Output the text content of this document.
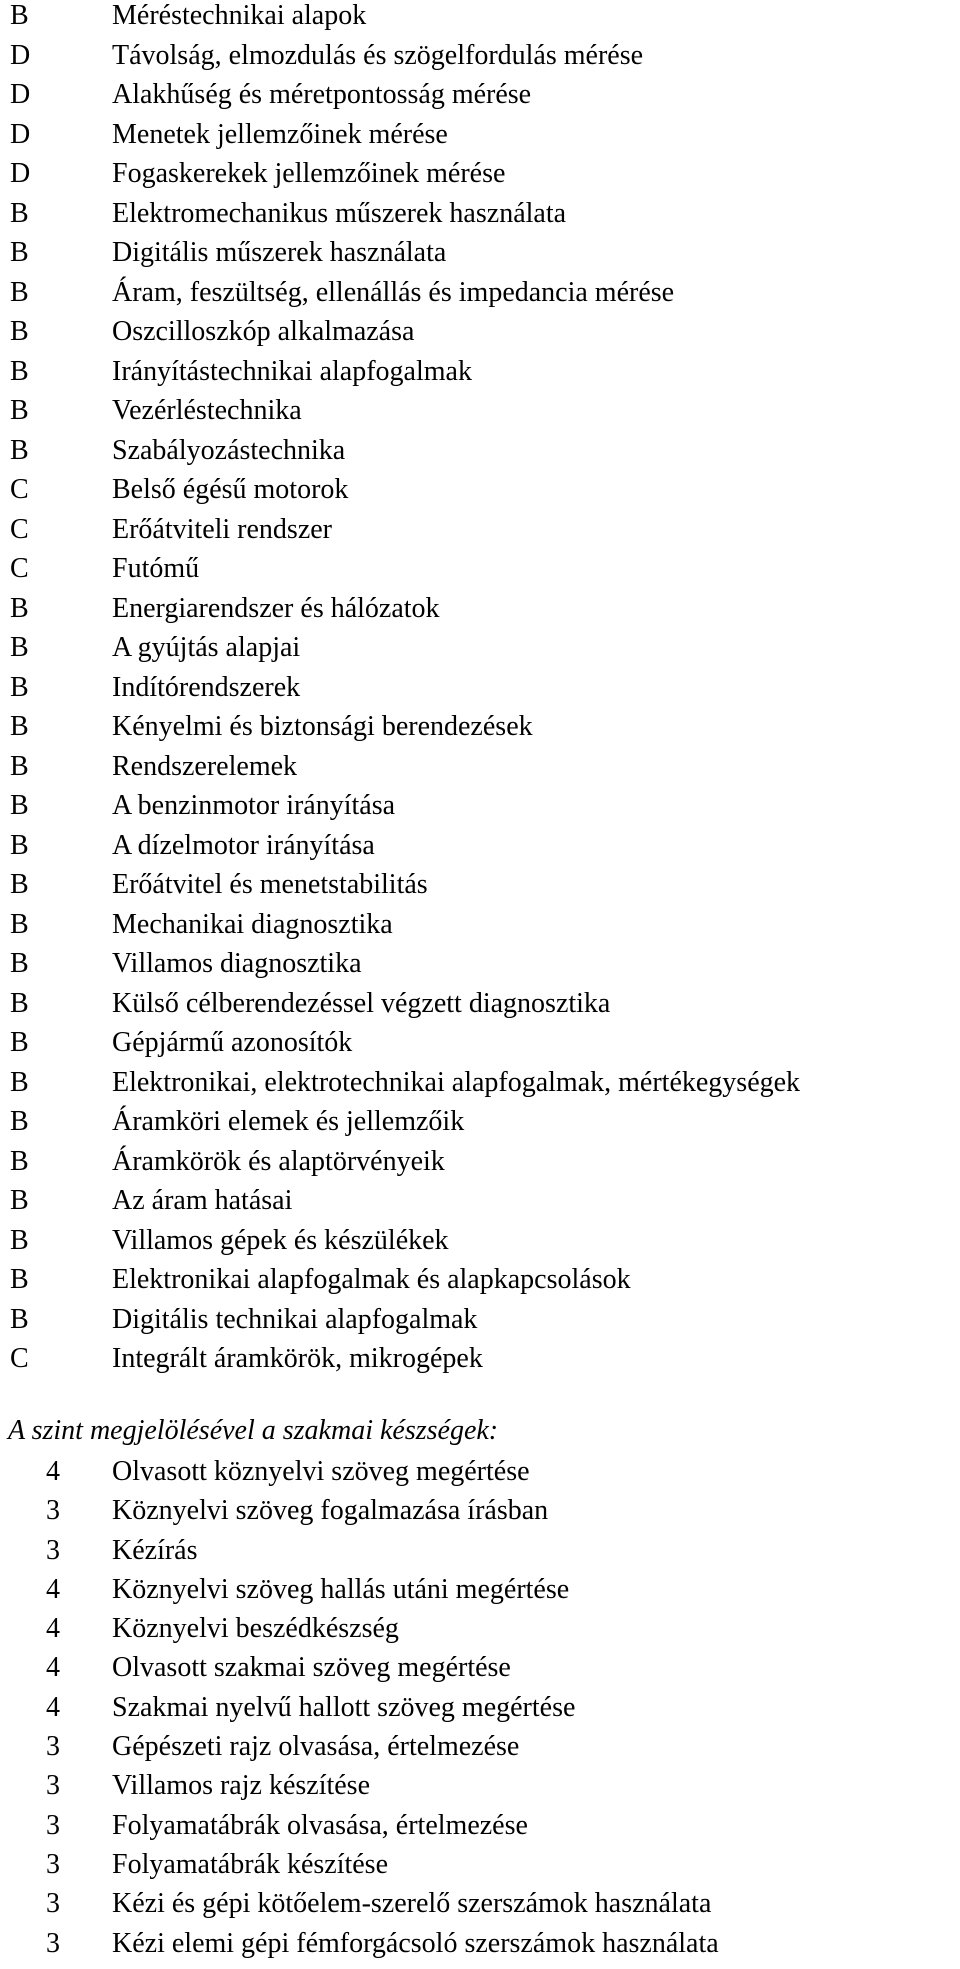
B	Méréstechnikai alapok
D	Távolság, elmozdulás és szögelfordulás mérése
D	Alakhűség és méretpontosság mérése
D	Menetek jellemzőinek mérése
D	Fogaskerekek jellemzőinek mérése
B	Elektromechanikus műszerek használata
B	Digitális műszerek használata
B	Áram, feszültség, ellenállás és impedancia mérése
B	Oszcilloszkóp alkalmazása
B	Irányítástechnikai alapfogalmak
B	Vezérléstechnika
B	Szabályozástechnika
C	Belső égésű motorok
C	Erőátviteli rendszer
C	Futómű
B	Energiarendszer és hálózatok
B	A gyújtás alapjai
B	Indítórendszerek
B	Kényelmi és biztonsági berendezések
B	Rendszerelemek
B	A benzinmotor irányítása
B	A dízelmotor irányítása
B	Erőátvitel és menetstabilitás
B	Mechanikai diagnosztika
B	Villamos diagnosztika
B	Külső célberendezéssel végzett diagnosztika
B	Gépjármű azonosítók
B	Elektronikai, elektrotechnikai alapfogalmak, mértékegységek
B	Áramköri elemek és jellemzőik
B	Áramkörök és alaptörvényeik
B	Az áram hatásai
B	Villamos gépek és készülékek
B	Elektronikai alapfogalmak és alapkapcsolások
B	Digitális technikai alapfogalmak
C	Integrált áramkörök, mikrogépek
A szint megjelölésével a szakmai készségek:
4	Olvasott köznyelvi szöveg megértése
3	Köznyelvi szöveg fogalmazása írásban
3	Kézírás
4	Köznyelvi szöveg hallás utáni megértése
4	Köznyelvi beszédkészség
4	Olvasott szakmai szöveg megértése
4	Szakmai nyelvű hallott szöveg megértése
3	Gépészeti rajz olvasása, értelmezése
3	Villamos rajz készítése
3	Folyamatábrák olvasása, értelmezése
3	Folyamatábrák készítése
3	Kézi és gépi kötőelem-szerelő szerszámok használata
3	Kézi elemi gépi fémforgácsoló szerszámok használata
